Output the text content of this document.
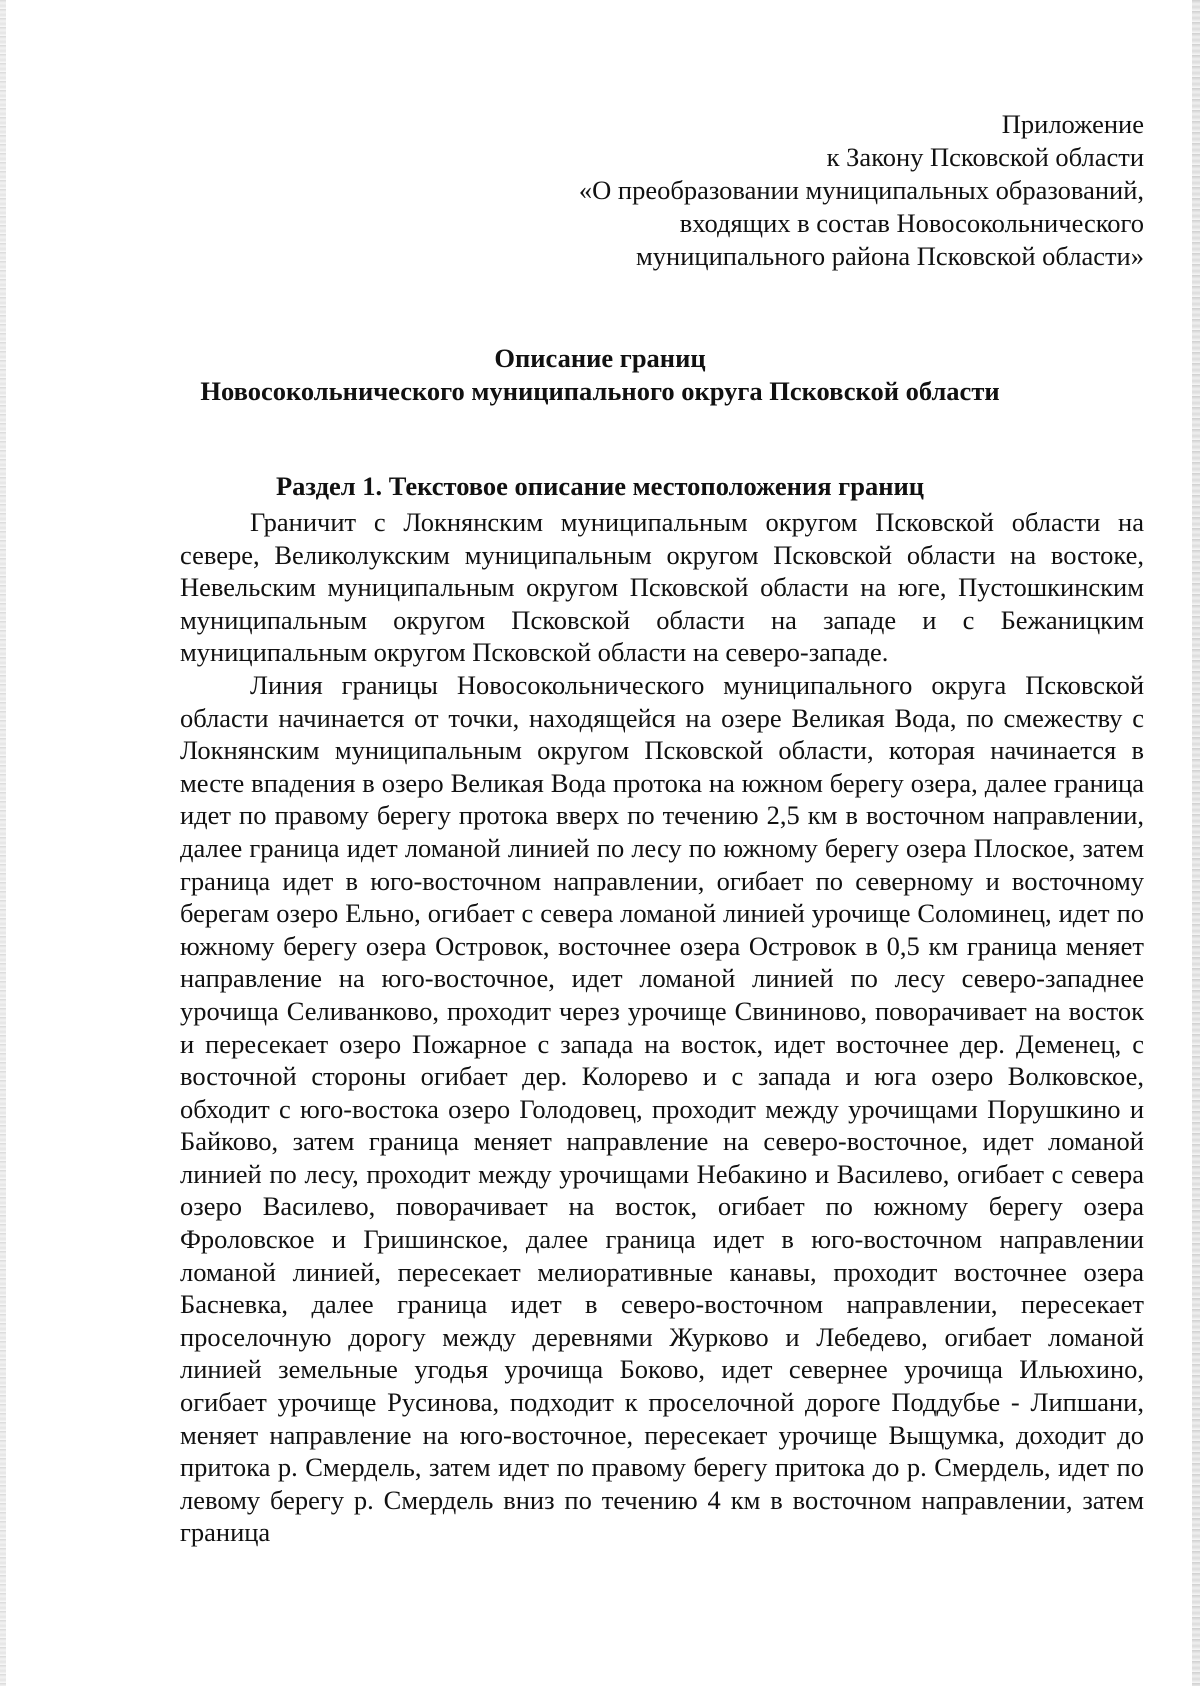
Приложение
к Закону Псковской области
«О преобразовании муниципальных образований,
входящих в состав Новосокольнического
муниципального района Псковской области»
Описание границ
Новосокольнического муниципального округа Псковской области
Раздел 1. Текстовое описание местоположения границ

Граничит с Локнянским муниципальным округом Псковской области на севере, Великолукским муниципальным округом Псковской области на востоке, Невельским муниципальным округом Псковской области на юге, Пустошкинским муниципальным округом Псковской области на западе и с Бежаницким муниципальным округом Псковской области на северо-западе.

Линия границы Новосокольнического муниципального округа Псковской области начинается от точки, находящейся на озере Великая Вода, по смежеству с Локнянским муниципальным округом Псковской области, которая начинается в месте впадения в озеро Великая Вода протока на южном берегу озера, далее граница идет по правому берегу протока вверх по течению 2,5 км в восточном направлении, далее граница идет ломаной линией по лесу по южному берегу озера Плоское, затем граница идет в юго-восточном направлении, огибает по северному и восточному берегам озеро Ельно, огибает с севера ломаной линией урочище Соломинец, идет по южному берегу озера Островок, восточнее озера Островок в 0,5 км граница меняет направление на юго-восточное, идет ломаной линией по лесу северо-западнее урочища Селиванково, проходит через урочище Свининово, поворачивает на восток и пересекает озеро Пожарное с запада на восток, идет восточнее дер. Деменец, с восточной стороны огибает дер. Колорево и с запада и юга озеро Волковское, обходит с юго-востока озеро Голодовец, проходит между урочищами Порушкино и Байково, затем граница меняет направление на северо-восточное, идет ломаной линией по лесу, проходит между урочищами Небакино и Василево, огибает с севера озеро Василево, поворачивает на восток, огибает по южному берегу озера Фроловское и Гришинское, далее граница идет в юго-восточном направлении ломаной линией, пересекает мелиоративные канавы, проходит восточнее озера Басневка, далее граница идет в северо-восточном направлении, пересекает проселочную дорогу между деревнями Журково и Лебедево, огибает ломаной линией земельные угодья урочища Боково, идет севернее урочища Ильюхино, огибает урочище Русинова, подходит к проселочной дороге Поддубье - Липшани, меняет направление на юго-восточное, пересекает урочище Выщумка, доходит до притока р. Смердель, затем идет по правому берегу притока до р. Смердель, идет по левому берегу р. Смердель вниз по течению 4 км в восточном направлении, затем граница
